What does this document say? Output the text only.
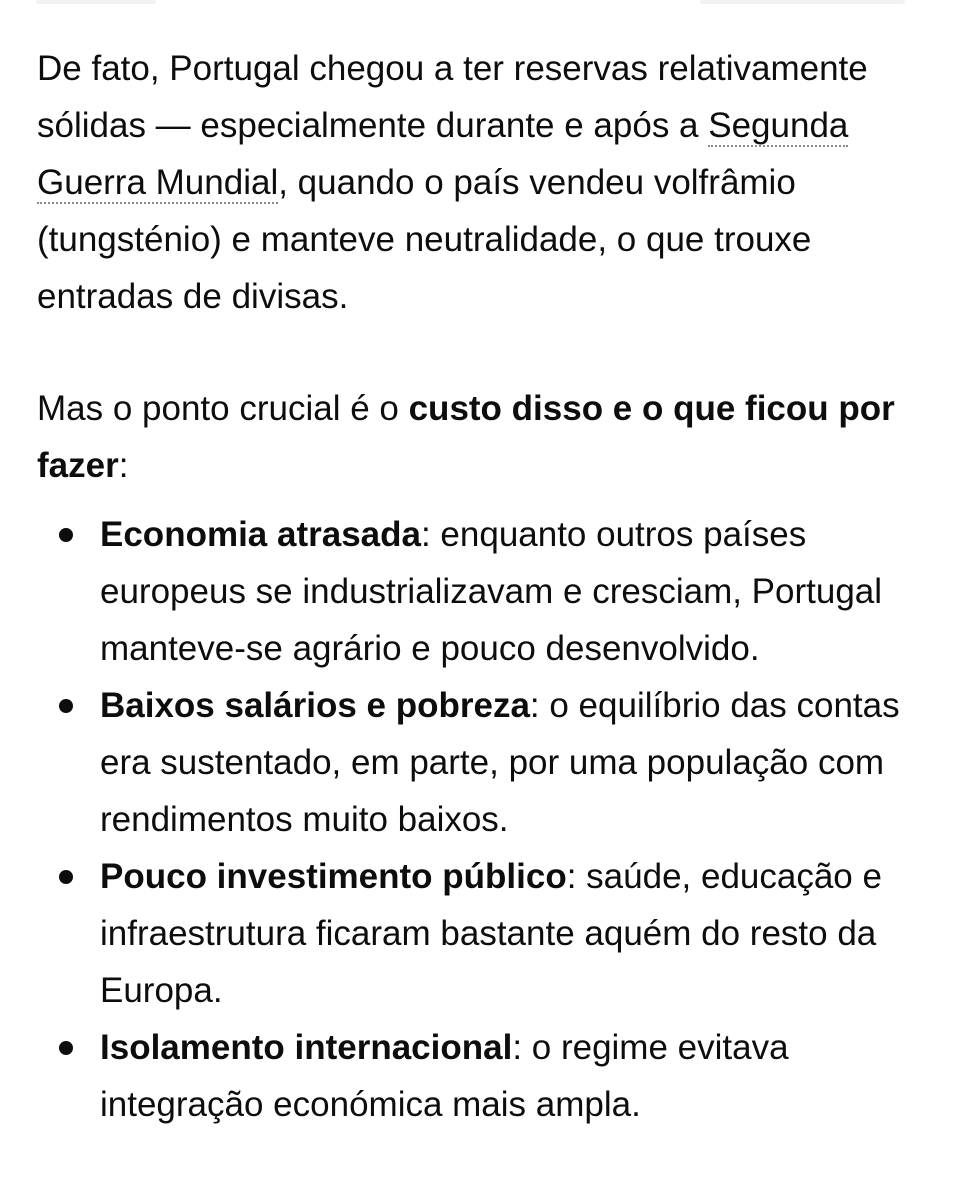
De fato, Portugal chegou a ter reservas relativamente sólidas — especialmente durante e após a Segunda Guerra Mundial, quando o país vendeu volfrâmio (tungsténio) e manteve neutralidade, o que trouxe entradas de divisas.

Mas o ponto crucial é o custo disso e o que ficou por fazer:

Economia atrasada: enquanto outros países europeus se industrializavam e cresciam, Portugal manteve-se agrário e pouco desenvolvido.
Baixos salários e pobreza: o equilíbrio das contas era sustentado, em parte, por uma população com rendimentos muito baixos.
Pouco investimento público: saúde, educação e infraestrutura ficaram bastante aquém do resto da Europa.
Isolamento internacional: o regime evitava integração económica mais ampla.
